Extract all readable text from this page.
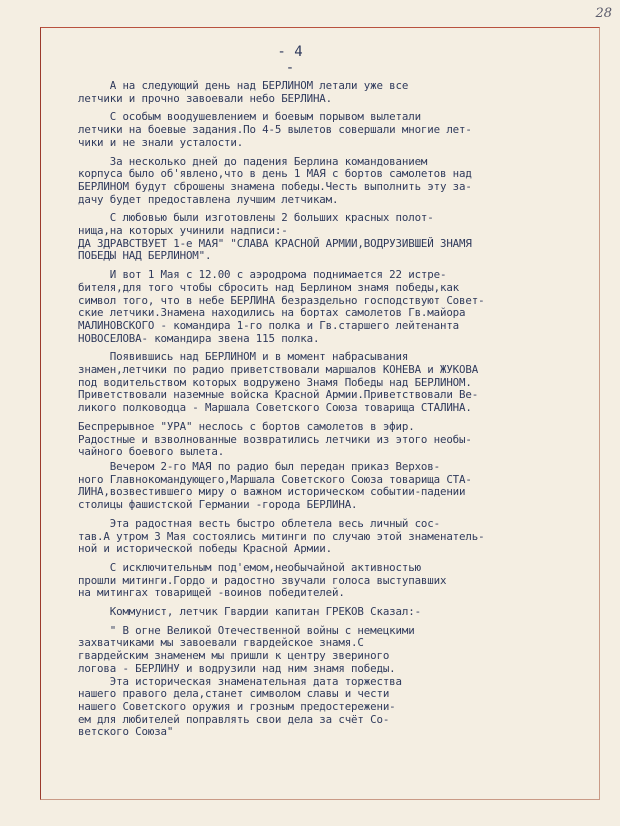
28
- 4 -

А на следующий день над БЕРЛИНОМ летали уже все
летчики и прочно завоевали небо БЕРЛИНА.

С особым воодушевлением и боевым порывом вылетали
летчики на боевые задания.По 4-5 вылетов совершали многие лет-
чики и не знали усталости.

За несколько дней до падения Берлина командованием
корпуса было об'явлено,что в день 1 МАЯ с бортов самолетов над
БЕРЛИНОМ будут сброшены знамена победы.Честь выполнить эту за-
дачу будет предоставлена лучшим летчикам.

С любовью были изготовлены 2 больших красных полот-
нища,на которых учинили надписи:-
ДА ЗДРАВСТВУЕТ 1-е МАЯ" "СЛАВА КРАСНОЙ АРМИИ,ВОДРУЗИВШЕЙ ЗНАМЯ
ПОБЕДЫ НАД БЕРЛИНОМ".

И вот 1 Мая с 12.00 с аэродрома поднимается 22 истре-
бителя,для того чтобы сбросить над Берлином знамя победы,как
символ того, что в небе БЕРЛИНА безраздельно господствуют Совет-
ские летчики.Знамена находились на бортах самолетов Гв.майора
МАЛИНОВСКОГО - командира 1-го полка и Гв.старшего лейтенанта
НОВОСЕЛОВА- командира звена 115 полка.

Появившись над БЕРЛИНОМ и в момент набрасывания
знамен,летчики по радио приветствовали маршалов КОНЕВА и ЖУКОВА
под водительством которых водружено Знамя Победы над БЕРЛИНОМ.
Приветствовали наземные войска Красной Армии.Приветствовали Ве-
ликого полководца - Маршала Советского Союза товарища СТАЛИНА.

Беспрерывное "УРА" неслось с бортов самолетов в эфир.
Радостные и взволнованные возвратились летчики из этого необы-
чайного боевого вылета.

Вечером 2-го МАЯ по радио был передан приказ Верхов-
ного Главнокомандующего,Маршала Советского Союза товарища СТА-
ЛИНА,возвестившего миру о важном историческом событии-падении
столицы фашистской Германии -города БЕРЛИНА.

Эта радостная весть быстро облетела весь личный сос-
тав.А утром 3 Мая состоялись митинги по случаю этой знаменатель-
ной и исторической победы Красной Армии.

С исключительным под'емом,необычайной активностью
прошли митинги.Гордо и радостно звучали голоса выступавших
на митингах товарищей -воинов победителей.

Коммунист, летчик Гвардии капитан ГРЕКОВ Сказал:-

" В огне Великой Отечественной войны с немецкими
захватчиками мы завоевали гвардейское знамя.С
гвардейским знаменем мы пришли к центру звериного
логова - БЕРЛИНУ и водрузили над ним знамя победы.
Эта историческая знаменательная дата торжества
нашего правого дела,станет символом славы и чести
нашего Советского оружия и грозным предостережени-
ем для любителей поправлять свои дела за счёт Со-
ветского Союза"
